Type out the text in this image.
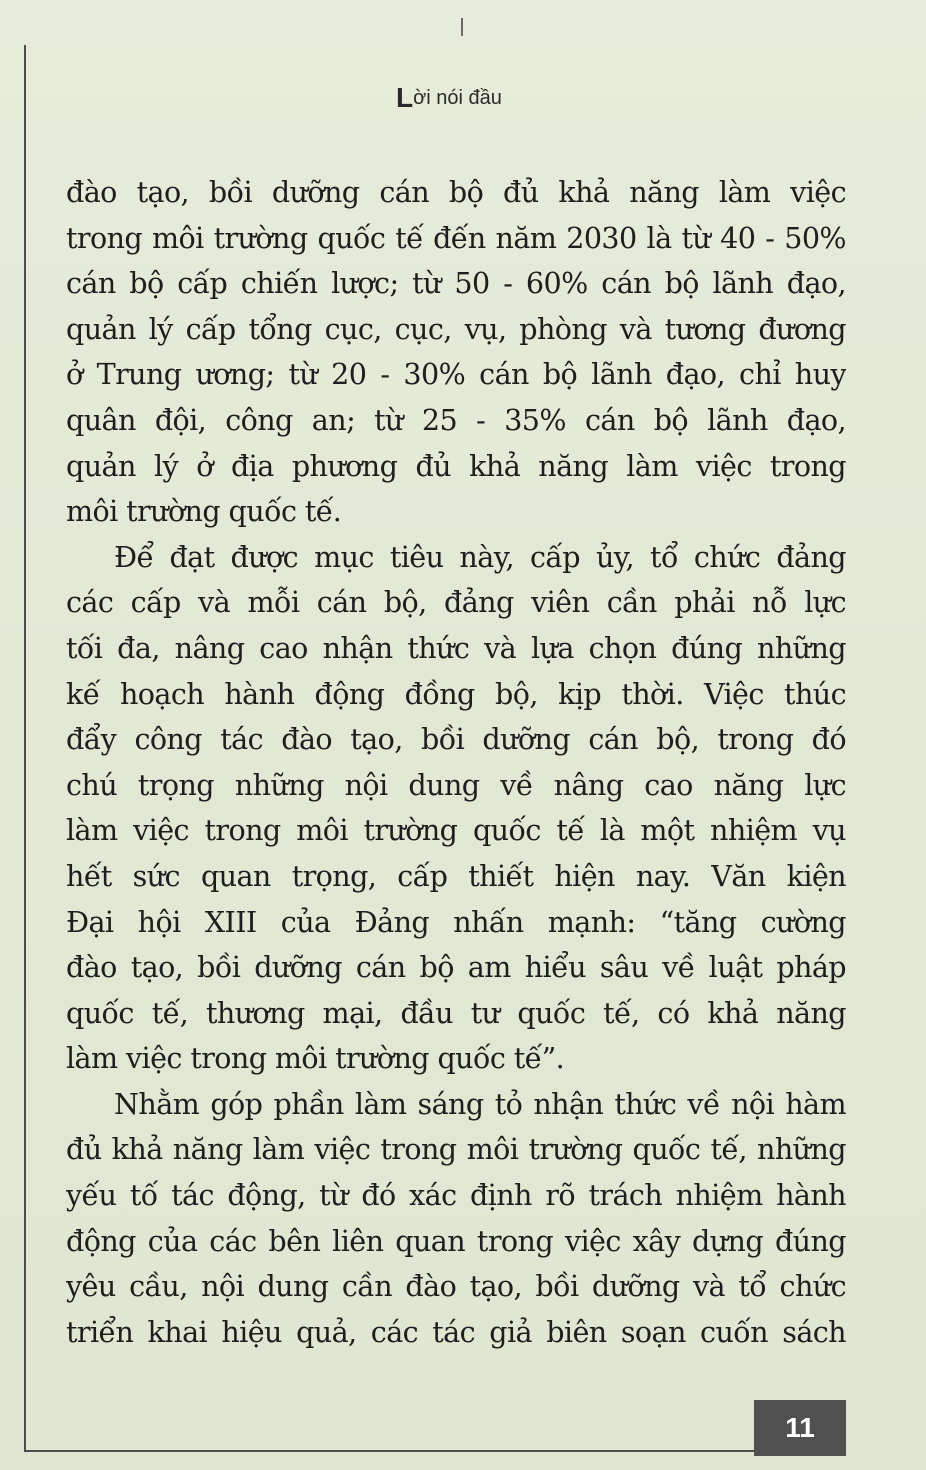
Lời nói đầu
đào tạo, bồi dưỡng cán bộ đủ khả năng làm việc
trong môi trường quốc tế đến năm 2030 là từ 40 - 50%
cán bộ cấp chiến lược; từ 50 - 60% cán bộ lãnh đạo,
quản lý cấp tổng cục, cục, vụ, phòng và tương đương
ở Trung ương; từ 20 - 30% cán bộ lãnh đạo, chỉ huy
quân đội, công an; từ 25 - 35% cán bộ lãnh đạo,
quản lý ở địa phương đủ khả năng làm việc trong
môi trường quốc tế.
Để đạt được mục tiêu này, cấp ủy, tổ chức đảng
các cấp và mỗi cán bộ, đảng viên cần phải nỗ lực
tối đa, nâng cao nhận thức và lựa chọn đúng những
kế hoạch hành động đồng bộ, kịp thời. Việc thúc
đẩy công tác đào tạo, bồi dưỡng cán bộ, trong đó
chú trọng những nội dung về nâng cao năng lực
làm việc trong môi trường quốc tế là một nhiệm vụ
hết sức quan trọng, cấp thiết hiện nay. Văn kiện
Đại hội XIII của Đảng nhấn mạnh: “tăng cường
đào tạo, bồi dưỡng cán bộ am hiểu sâu về luật pháp
quốc tế, thương mại, đầu tư quốc tế, có khả năng
làm việc trong môi trường quốc tế”.
Nhằm góp phần làm sáng tỏ nhận thức về nội hàm
đủ khả năng làm việc trong môi trường quốc tế, những
yếu tố tác động, từ đó xác định rõ trách nhiệm hành
động của các bên liên quan trong việc xây dựng đúng
yêu cầu, nội dung cần đào tạo, bồi dưỡng và tổ chức
triển khai hiệu quả, các tác giả biên soạn cuốn sách
11
